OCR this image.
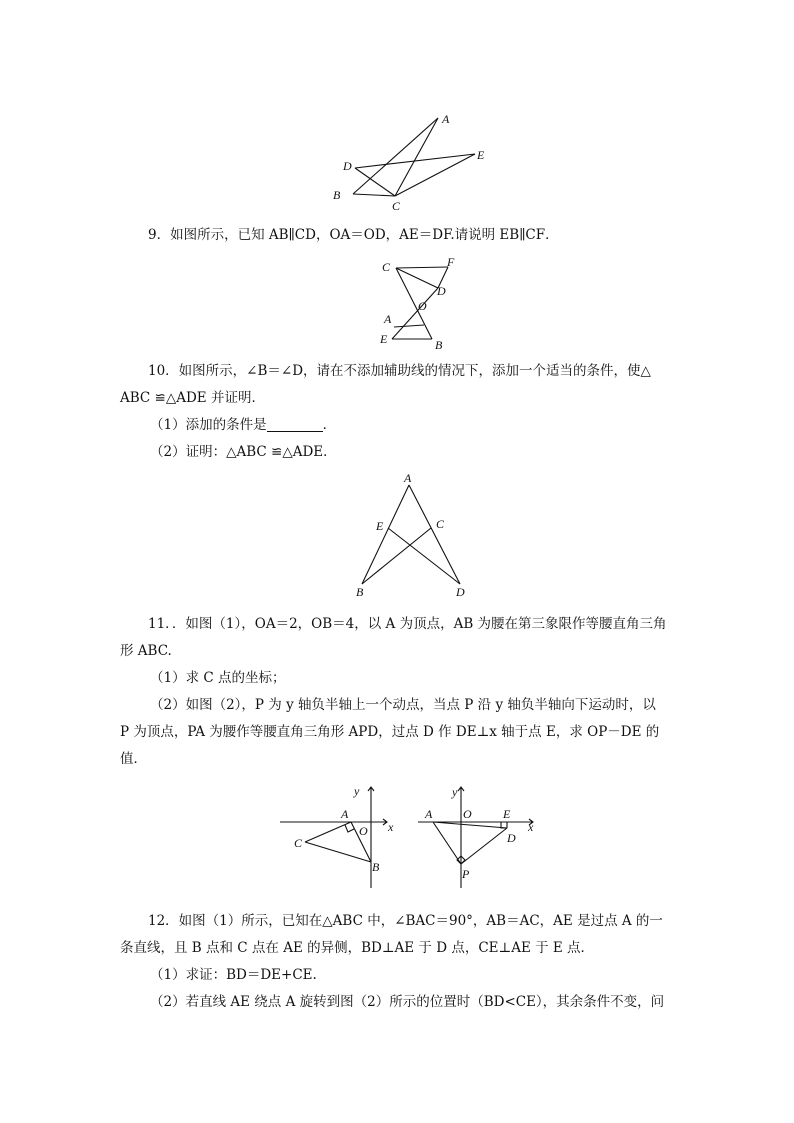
A
D
E
B
C
9．如图所示，已知 AB∥CD，OA＝OD，AE＝DF.请说明 EB∥CF．
C	F
D
O
A
E	B
10．如图所示，∠B＝∠D，请在不添加辅助线的情况下，添加一个适当的条件，使△
ABC ≌△ADE 并证明．
（1）添加的条件是	．
（2）证明：△ABC ≌△ADE．
A
E	C
B	D
11．．如图（1），OA＝2，OB＝4，以 A 为顶点，AB 为腰在第三象限作等腰直角三角
形 ABC.
（1）求 C 点的坐标；
（2）如图（2），P 为 y 轴负半轴上一个动点，当点 P 沿 y 轴负半轴向下运动时，以
P 为顶点，PA 为腰作等腰直角三角形 APD，过点 D 作 DE⊥x 轴于点 E，求 OP－DE 的
值．
y
A
O x
C
B
y
A	O	E
x
D
P
12．如图（1）所示，已知在△ABC 中，∠BAC＝90°，AB＝AC，AE 是过点 A 的一
条直线，且 B 点和 C 点在 AE 的异侧，BD⊥AE 于 D 点，CE⊥AE 于 E 点．
（1）求证：BD＝DE+CE.
（2）若直线 AE 绕点 A 旋转到图（2）所示的位置时（BD<CE），其余条件不变，问
